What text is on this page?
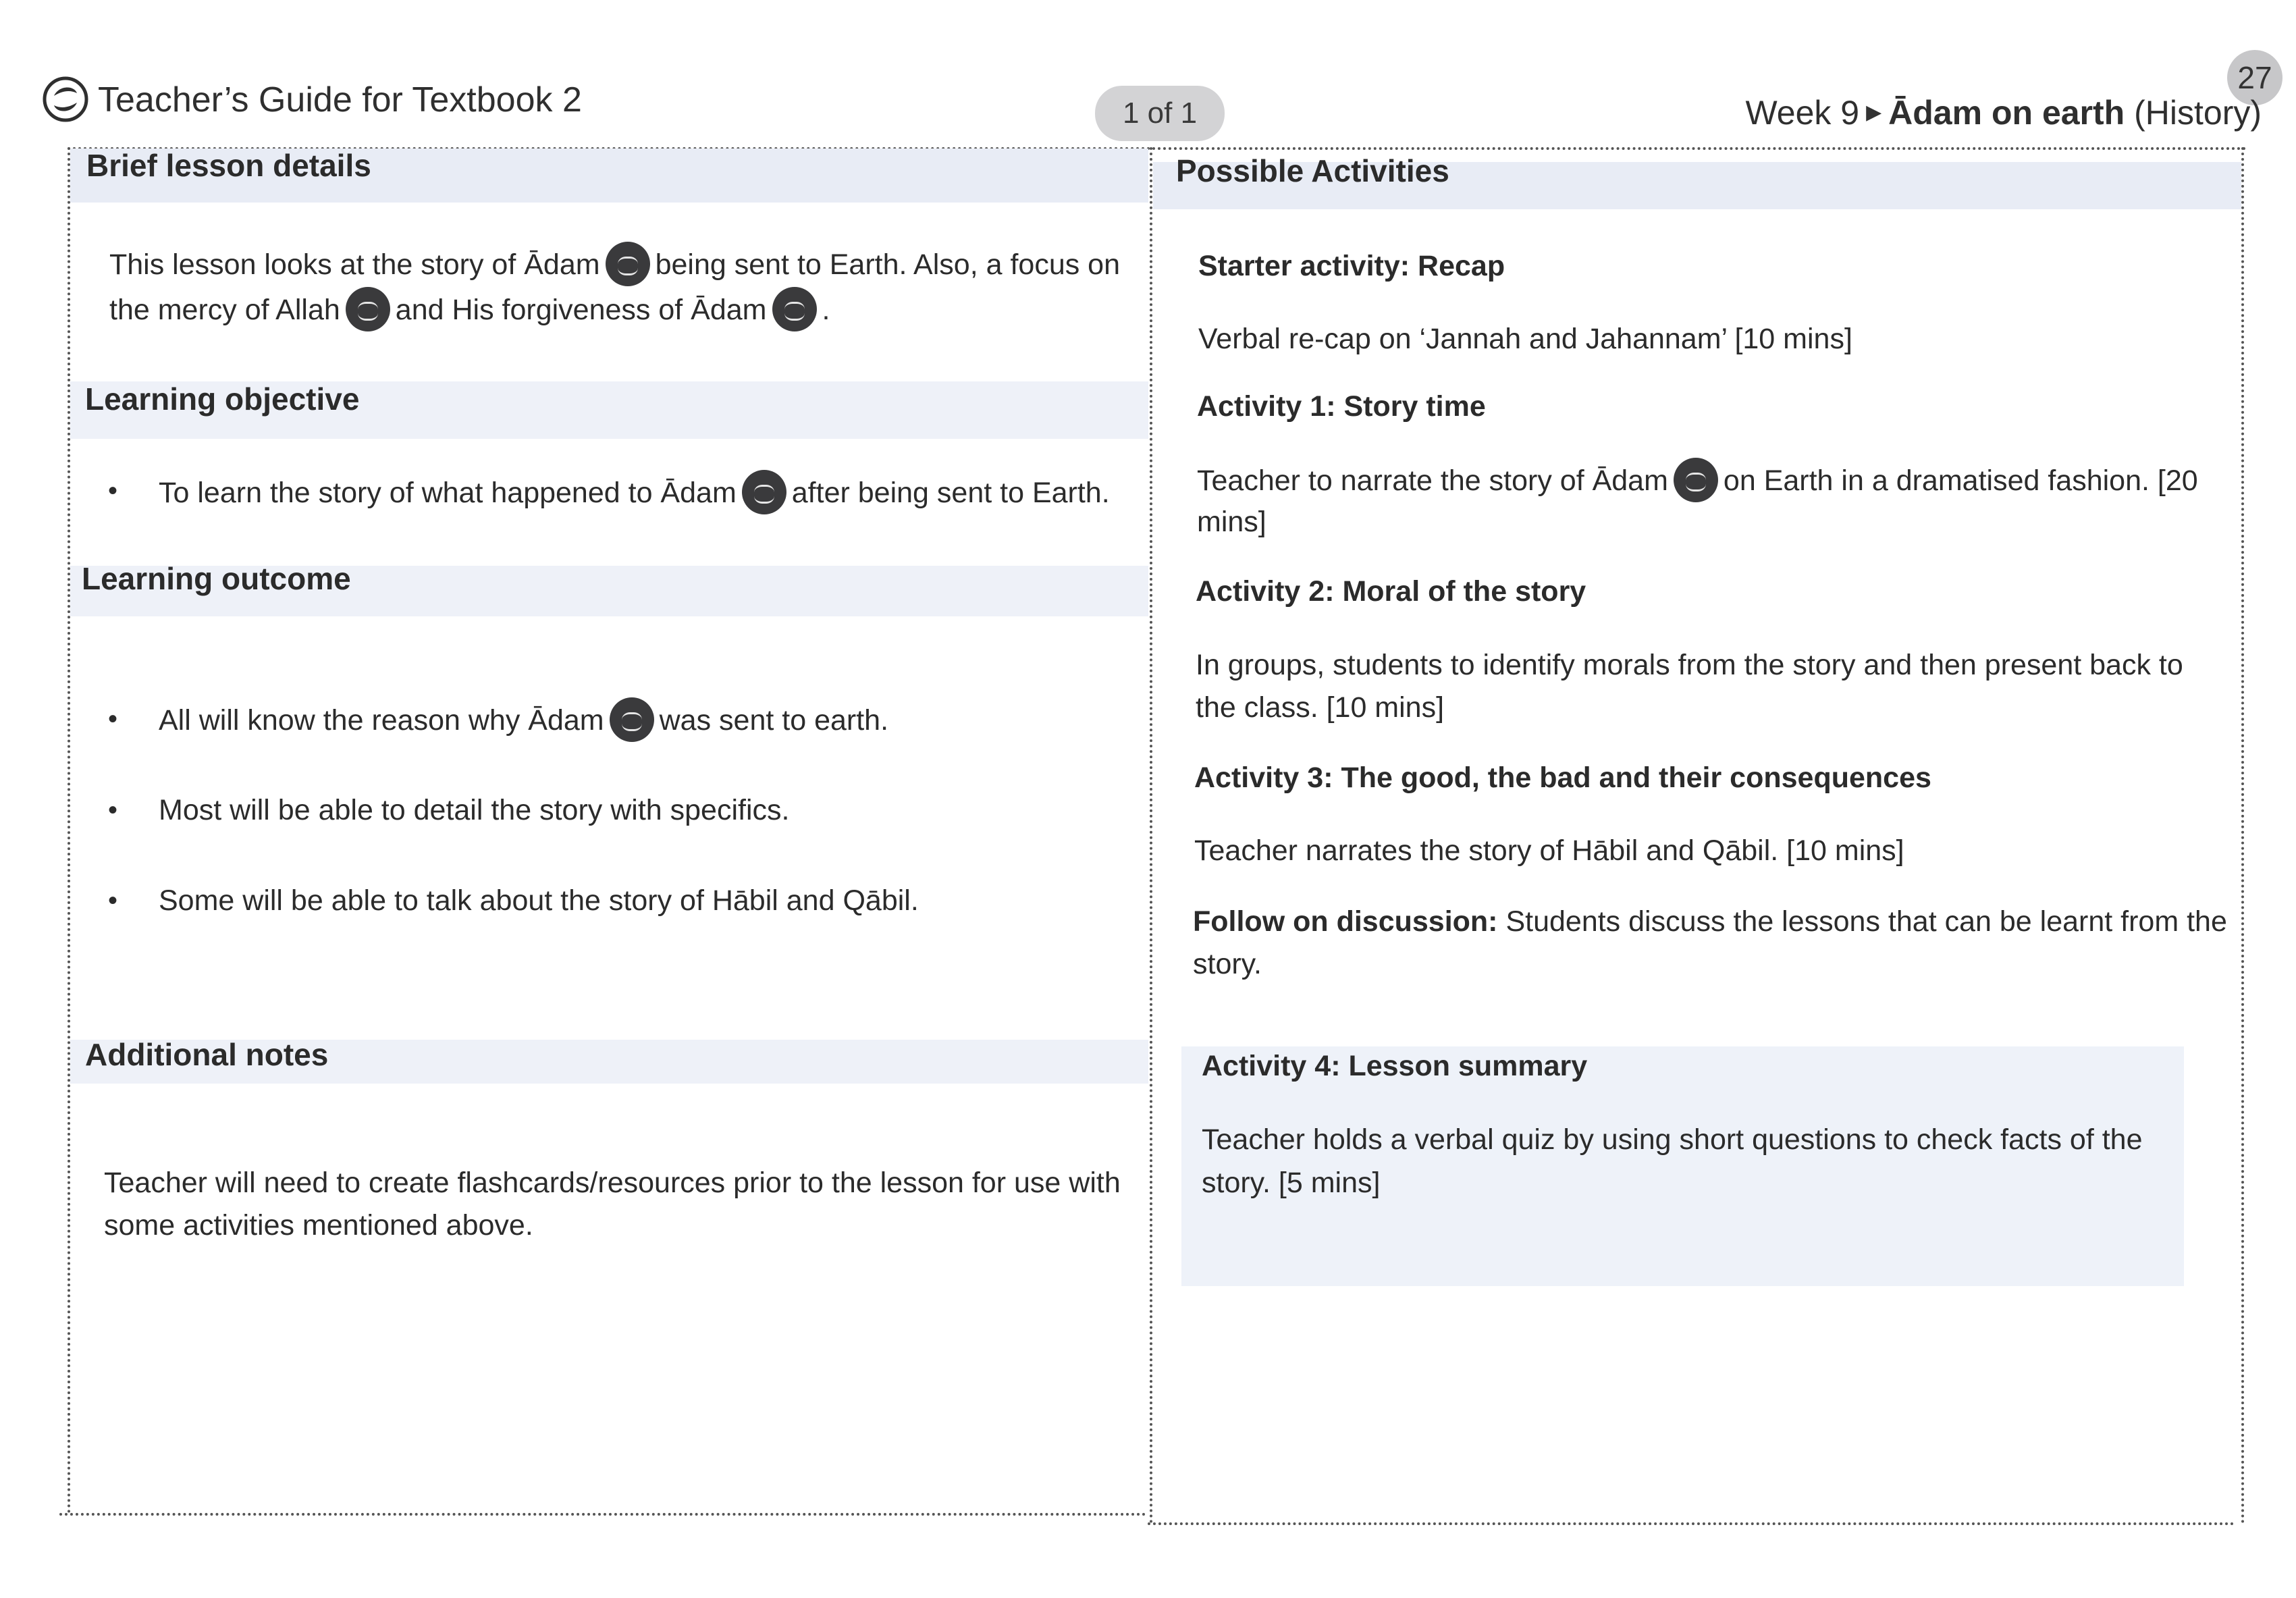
Teacher’s Guide for Textbook 2	1 of 1
27
Week 9 ▶ Ādam on earth (History)
Brief lesson details
This lesson looks at the story of Ādam being sent to Earth. Also, a focus on
the mercy of Allah and His forgiveness of Ādam .
Learning objective
• To learn the story of what happened to Ādam after being sent to Earth.
Learning outcome
• All will know the reason why Ādam was sent to earth.
• Most will be able to detail the story with specifics.
• Some will be able to talk about the story of Hābil and Qābil.
Additional notes
Teacher will need to create flashcards/resources prior to the lesson for use with
some activities mentioned above.
Possible Activities
Starter activity: Recap
Verbal re-cap on ‘Jannah and Jahannam’ [10 mins]
Activity 1: Story time
Teacher to narrate the story of Ādam on Earth in a dramatised fashion. [20
mins]
Activity 2: Moral of the story
In groups, students to identify morals from the story and then present back to
the class. [10 mins]
Activity 3: The good, the bad and their consequences
Teacher narrates the story of Hābil and Qābil. [10 mins]
Follow on discussion: Students discuss the lessons that can be learnt from the
story.
Activity 4: Lesson summary
Teacher holds a verbal quiz by using short questions to check facts of the
story. [5 mins]
